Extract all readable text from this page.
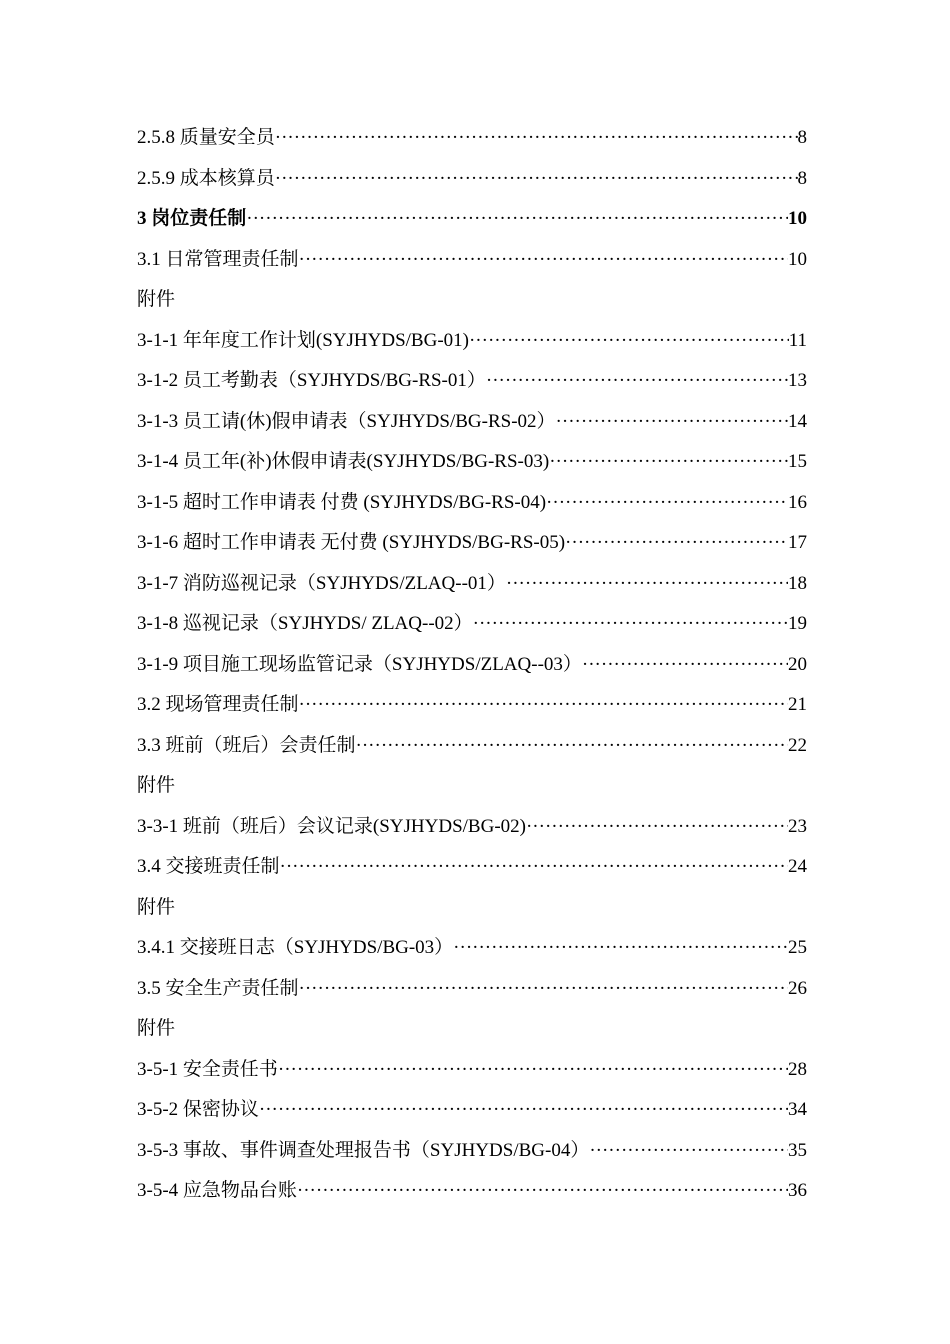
2.5.8 质量安全员 ·····	8
2.5.9 成本核算员 ·····	8
3 岗位责任制 ·····	10
3.1 日常管理责任制 ·····	10
附件
3-1-1 年年度工作计划(SYJHYDS/BG-01) ·····	11
3-1-2 员工考勤表（SYJHYDS/BG-RS-01） ·····	13
3-1-3 员工请(休)假申请表（SYJHYDS/BG-RS-02） ·····	14
3-1-4 员工年(补)休假申请表(SYJHYDS/BG-RS-03) ·····	15
3-1-5 超时工作申请表 付费 (SYJHYDS/BG-RS-04) ·····	16
3-1-6 超时工作申请表 无付费 (SYJHYDS/BG-RS-05) ·····	17
3-1-7 消防巡视记录（SYJHYDS/ZLAQ--01） ·····	18
3-1-8 巡视记录（SYJHYDS/ ZLAQ--02） ·····	19
3-1-9 项目施工现场监管记录（SYJHYDS/ZLAQ--03） ·····	20
3.2 现场管理责任制 ·····	21
3.3 班前（班后）会责任制 ·····	22
附件
3-3-1 班前（班后）会议记录(SYJHYDS/BG-02) ·····	23
3.4 交接班责任制 ·····	24
附件
3.4.1 交接班日志（SYJHYDS/BG-03） ·····	25
3.5 安全生产责任制 ·····	26
附件
3-5-1 安全责任书 ·····	28
3-5-2 保密协议 ·····	34
3-5-3 事故、事件调查处理报告书（SYJHYDS/BG-04） ·····	35
3-5-4 应急物品台账 ·····	36
